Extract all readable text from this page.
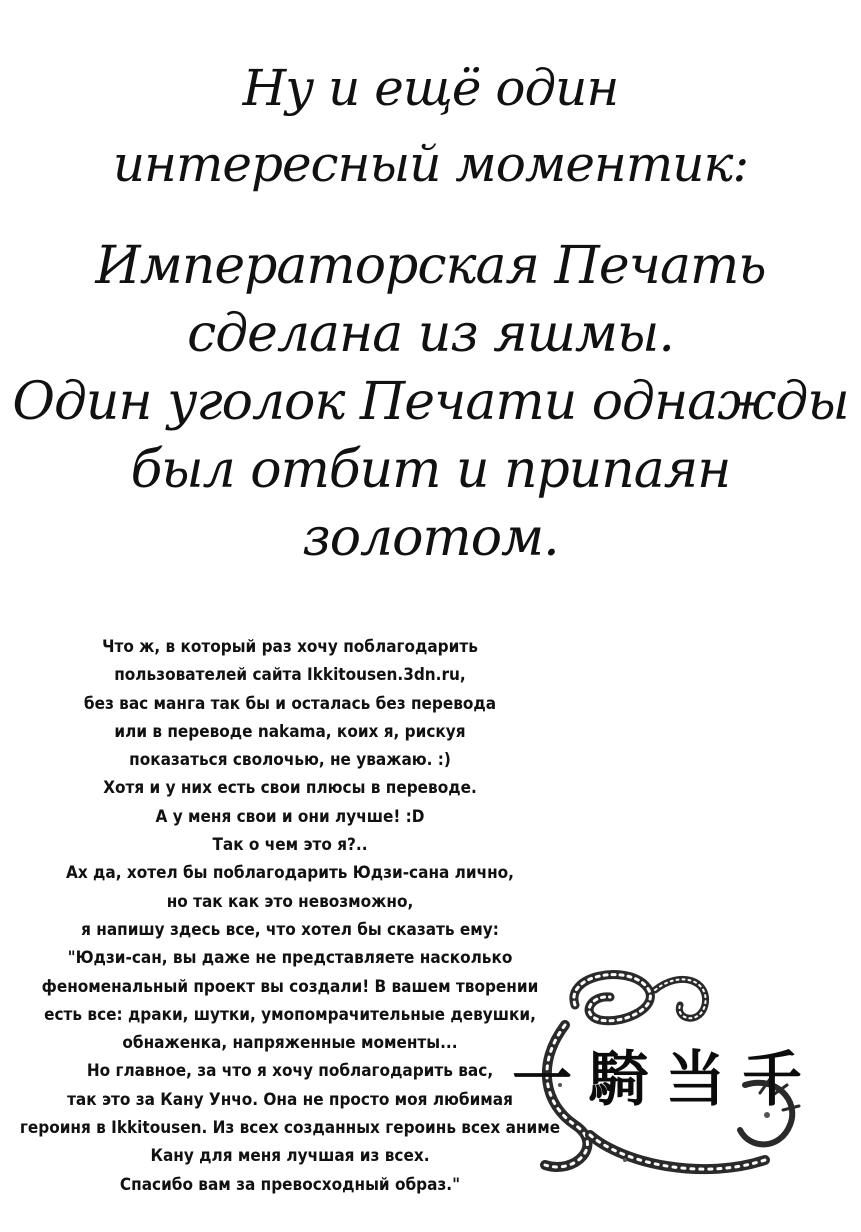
Ну и ещё один
интересный моментик:
Императорская Печать
сделана из яшмы.
Один уголок Печати однажды
был отбит и припаян золотом.
Что ж, в который раз хочу поблагодарить
пользователей сайта Ikkitousen.3dn.ru,
без вас манга так бы и осталась без перевода
или в переводе nakama, коих я, рискуя
показаться сволочью, не уважаю. :)
Хотя и у них есть свои плюсы в переводе.
А у меня свои и они лучше! :D
Так о чем это я?..
Ах да, хотел бы поблагодарить Юдзи-сана лично,
но так как это невозможно,
я напишу здесь все, что хотел бы сказать ему:
"Юдзи-сан, вы даже не представляете насколько
феноменальный проект вы создали! В вашем творении
есть все: драки, шутки, умопомрачительные девушки,
обнаженка, напряженные моменты...
Но главное, за что я хочу поблагодарить вас,
так это за Кану Унчо. Она не просто моя любимая
героиня в Ikkitousen. Из всех созданных героинь всех аниме
Кану для меня лучшая из всех.
Спасибо вам за превосходный образ."
一 騎 当 千
